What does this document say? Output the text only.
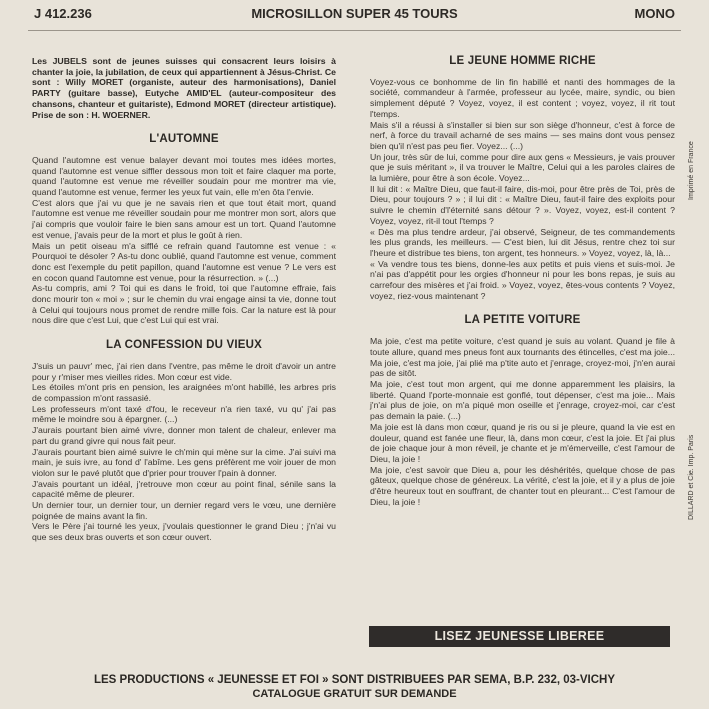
J 412.236	MICROSILLON SUPER 45 TOURS	MONO

Les JUBELS sont de jeunes suisses qui consacrent leurs loisirs à chanter la joie, la jubilation, de ceux qui appartiennent à Jésus-Christ. Ce sont : Willy MORET (organiste, auteur des harmonisations), Daniel PARTY (guitare basse), Eutyche AMID'EL (auteur-compositeur des chansons, chanteur et guitariste), Edmond MORET (directeur artistique). Prise de son : H. WOERNER.

L'AUTOMNE

Quand l'automne est venue balayer devant moi toutes mes idées mortes, quand l'automne est venue siffler dessous mon toit et faire claquer ma porte, quand l'automne est venue me réveiller soudain pour me montrer ma vie, quand l'automne est venue, fermer les yeux fut vain, elle m'en ôta l'envie.

C'est alors que j'ai vu que je ne savais rien et que tout était mort, quand l'automne est venue me réveiller soudain pour me montrer mon sort, alors que j'ai compris que vouloir faire le bien sans amour est un tort. Quand l'automne est venue, j'avais peur de la mort et plus le goût à rien.

Mais un petit oiseau m'a sifflé ce refrain quand l'automne est venue : « Pourquoi te désoler ? As-tu donc oublié, quand l'automne est venue, comment donc est l'exemple du petit papillon, quand l'automne est venue ? Le vers est en cocon quand l'automne est venue, pour la résurrection. » (...)

As-tu compris, ami ? Toi qui es dans le froid, toi que l'automne effraie, fais donc mourir ton « moi » ; sur le chemin du vrai engage ainsi ta vie, donne tout à Celui qui toujours nous promet de rendre mille fois. Car la nature est là pour nous dire que c'est Lui, que c'est Lui qui est vrai.

LA CONFESSION DU VIEUX

J'suis un pauvr' mec, j'ai rien dans l'ventre, pas même le droit d'avoir un antre pour y r'miser mes vieilles rides. Mon cœur est vide.

Les étoiles m'ont pris en pension, les araignées m'ont habillé, les arbres pris de compassion m'ont rassasié.

Les professeurs m'ont taxé d'fou, le receveur n'a rien taxé, vu qu' j'ai pas même le moindre sou à épargner. (...)

J'aurais pourtant bien aimé vivre, donner mon talent de chaleur, enlever ma part du grand givre qui nous fait peur.

J'aurais pourtant bien aimé suivre le ch'min qui mène sur la cime. J'ai suivi ma main, je suis ivre, au fond d' l'abîme. Les gens préfèrent me voir jouer de mon violon sur le pavé plutôt que d'prier pour trouver l'pain à donner.

J'avais pourtant un idéal, j'retrouve mon cœur au point final, sénile sans la capacité même de pleurer.

Un dernier tour, un dernier tour, un dernier regard vers le vœu, une dernière poignée de mains avant la fin.

Vers le Père j'ai tourné les yeux, j'voulais questionner le grand Dieu ; j'n'ai vu que ses deux bras ouverts et son cœur ouvert.

LE JEUNE HOMME RICHE

Voyez-vous ce bonhomme de lin fin habillé et nanti des hommages de la société, commandeur à l'armée, professeur au lycée, maire, syndic, ou bien simplement député ? Voyez, voyez, il est content ; voyez, voyez, il rit tout l'temps.

Mais s'il a réussi à s'installer si bien sur son siège d'honneur, c'est à force de nerf, à force du travail acharné de ses mains — ses mains dont vous pensez bien qu'il n'est pas peu fier. Voyez... (...)

Un jour, très sûr de lui, comme pour dire aux gens « Messieurs, je vais prouver que je suis méritant », il va trouver le Maître, Celui qui a les paroles claires de la lumière, pour être à son école. Voyez...

Il lui dit : « Maître Dieu, que faut-il faire, dis-moi, pour être près de Toi, près de Dieu, pour toujours ? » ; il lui dit : « Maître Dieu, faut-il faire des exploits pour suivre le chemin d'l'éternité sans détour ? ». Voyez, voyez, est-il content ? Voyez, voyez, rit-il tout l'temps ?

« Dès ma plus tendre ardeur, j'ai observé, Seigneur, de tes commandements les plus grands, les meilleurs. — C'est bien, lui dit Jésus, rentre chez toi sur l'heure et distribue tes biens, ton argent, tes honneurs. » Voyez, voyez, là, là...

« Va vendre tous tes biens, donne-les aux petits et puis viens et suis-moi. Je n'ai pas d'appétit pour les orgies d'honneur ni pour les bons repas, je suis au carrefour des misères et j'ai froid. » Voyez, voyez, êtes-vous contents ? Voyez, voyez, riez-vous maintenant ?

LA PETITE VOITURE

Ma joie, c'est ma petite voiture, c'est quand je suis au volant. Quand je file à toute allure, quand mes pneus font aux tournants des étincelles, c'est ma joie... Ma joie, c'est ma joie, j'ai plié ma p'tite auto et j'enrage, croyez-moi, j'n'en aurai pas de sitôt.

Ma joie, c'est tout mon argent, qui me donne apparemment les plaisirs, la liberté. Quand l'porte-monnaie est gonflé, tout dépenser, c'est ma joie... Mais j'n'ai plus de joie, on m'a piqué mon oseille et j'enrage, croyez-moi, car c'est pas demain la paie. (...)

Ma joie est là dans mon cœur, quand je ris ou si je pleure, quand la vie est en douleur, quand est fanée une fleur, là, dans mon cœur, c'est la joie. Et j'ai plus de joie chaque jour à mon réveil, je chante et je m'émerveille, c'est l'amour de Dieu, la joie !

Ma joie, c'est savoir que Dieu a, pour les déshérités, quelque chose de pas gâteux, quelque chose de généreux. La vérité, c'est la joie, et il y a plus de joie d'être heureux tout en souffrant, de chanter tout en pleurant... C'est l'amour de Dieu, la joie !

Imprimé en France
DILLARD et Cie. Imp. Paris
LISEZ JEUNESSE LIBEREE
LES PRODUCTIONS « JEUNESSE ET FOI » SONT DISTRIBUEES PAR SEMA, B.P. 232, 03-VICHY
CATALOGUE GRATUIT SUR DEMANDE
